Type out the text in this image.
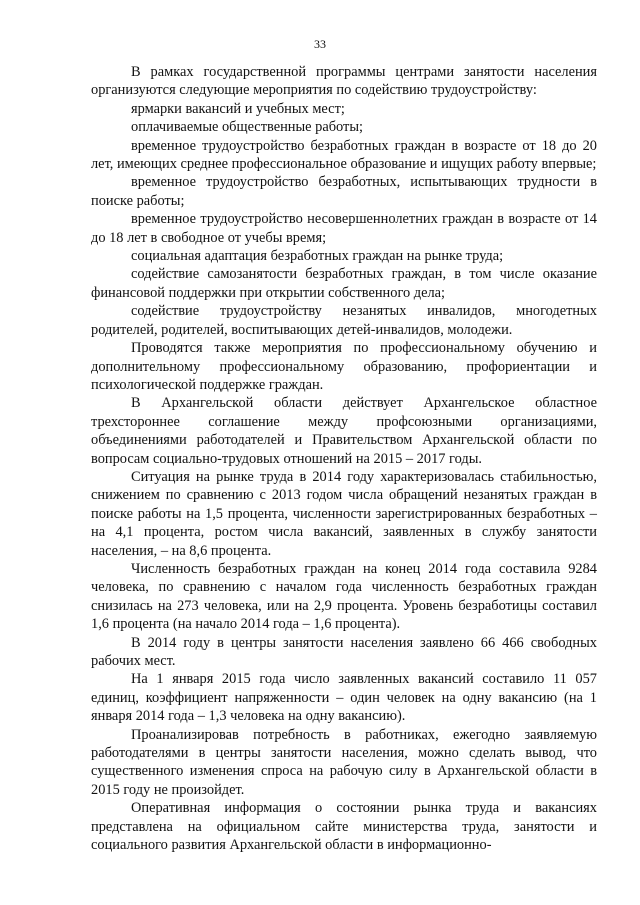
33

В рамках государственной программы центрами занятости населения организуются следующие мероприятия по содействию трудоустройству:

ярмарки вакансий и учебных мест;

оплачиваемые общественные работы;

временное трудоустройство безработных граждан в возрасте от 18 до 20 лет, имеющих среднее профессиональное образование и ищущих работу впервые;

временное трудоустройство безработных, испытывающих трудности в поиске работы;

временное трудоустройство несовершеннолетних граждан в возрасте от 14 до 18 лет в свободное от учебы время;

социальная адаптация безработных граждан на рынке труда;

содействие самозанятости безработных граждан, в том числе оказание финансовой поддержки при открытии собственного дела;

содействие трудоустройству незанятых инвалидов, многодетных родителей, родителей, воспитывающих детей-инвалидов, молодежи.

Проводятся также мероприятия по профессиональному обучению и дополнительному профессиональному образованию, профориентации и психологической поддержке граждан.

В Архангельской области действует Архангельское областное трехстороннее соглашение между профсоюзными организациями, объединениями работодателей и Правительством Архангельской области по вопросам социально-трудовых отношений на 2015 – 2017 годы.

Ситуация на рынке труда в 2014 году характеризовалась стабильностью, снижением по сравнению с 2013 годом числа обращений незанятых граждан в поиске работы на 1,5 процента, численности зарегистрированных безработных – на 4,1 процента, ростом числа вакансий, заявленных в службу занятости населения, – на 8,6 процента.

Численность безработных граждан на конец 2014 года составила 9284 человека, по сравнению с началом года численность безработных граждан снизилась на 273 человека, или на 2,9 процента. Уровень безработицы составил 1,6 процента (на начало 2014 года – 1,6 процента).

В 2014 году в центры занятости населения заявлено 66 466 свободных рабочих мест.

На 1 января 2015 года число заявленных вакансий составило 11 057 единиц, коэффициент напряженности – один человек на одну вакансию (на 1 января 2014 года – 1,3 человека на одну вакансию).

Проанализировав потребность в работниках, ежегодно заявляемую работодателями в центры занятости населения, можно сделать вывод, что существенного изменения спроса на рабочую силу в Архангельской области в 2015 году не произойдет.

Оперативная информация о состоянии рынка труда и вакансиях представлена на официальном сайте министерства труда, занятости и социального развития Архангельской области в информационно-
